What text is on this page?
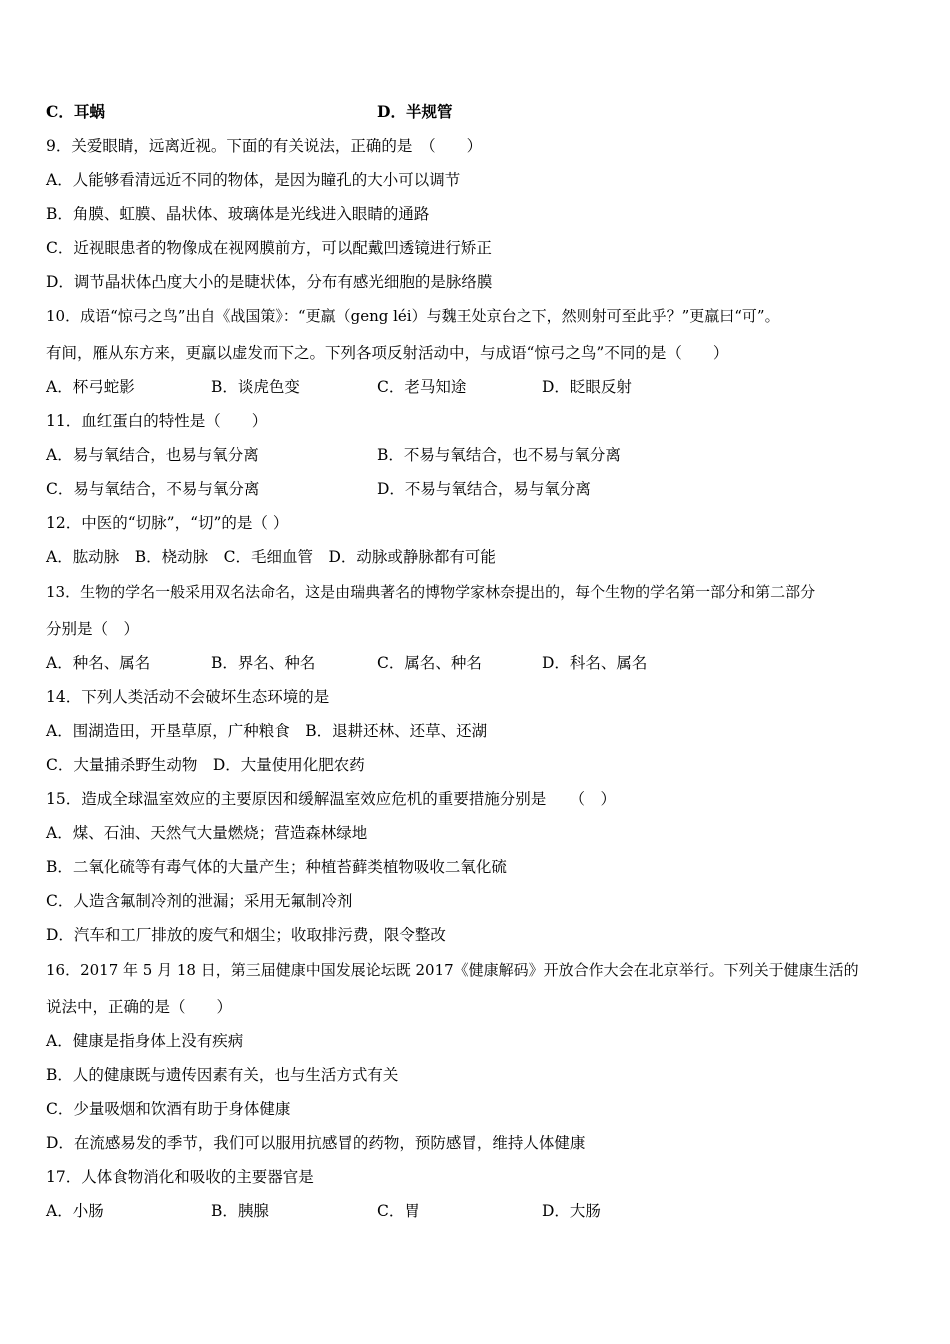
C．耳蜗	D．半规管
9．关爱眼睛，远离近视。下面的有关说法，正确的是　（　　）
A．人能够看清远近不同的物体，是因为瞳孔的大小可以调节
B．角膜、虹膜、晶状体、玻璃体是光线进入眼睛的通路
C．近视眼患者的物像成在视网膜前方，可以配戴凹透镜进行矫正
D．调节晶状体凸度大小的是睫状体，分布有感光细胞的是脉络膜
10．成语“惊弓之鸟”出自《战国策》：“更羸（geng léi）与魏王处京台之下，然则射可至此乎？”更羸曰“可”。
有间，雁从东方来，更羸以虚发而下之。下列各项反射活动中，与成语“惊弓之鸟”不同的是（　　）
A．杯弓蛇影	B．谈虎色变	C．老马知途	D．眨眼反射
11．血红蛋白的特性是（　　）
A．易与氧结合，也易与氧分离	B．不易与氧结合，也不易与氧分离
C．易与氧结合，不易与氧分离	D．不易与氧结合，易与氧分离
12．中医的“切脉”，“切”的是（ ）
A．肱动脉　B．桡动脉　C．毛细血管　D．动脉或静脉都有可能
13．生物的学名一般采用双名法命名，这是由瑞典著名的博物学家林奈提出的，每个生物的学名第一部分和第二部分
分别是（　）
A．种名、属名	B．界名、种名	C．属名、种名	D．科名、属名
14．下列人类活动不会破坏生态环境的是
A．围湖造田，开垦草原，广种粮食　B．退耕还林、还草、还湖
C．大量捕杀野生动物　D．大量使用化肥农药
15．造成全球温室效应的主要原因和缓解温室效应危机的重要措施分别是　　（　）
A．煤、石油、天然气大量燃烧；营造森林绿地
B．二氧化硫等有毒气体的大量产生；种植苔藓类植物吸收二氧化硫
C．人造含氟制冷剂的泄漏；采用无氟制冷剂
D．汽车和工厂排放的废气和烟尘；收取排污费，限令整改
16．2017 年 5 月 18 日，第三届健康中国发展论坛既 2017《健康解码》开放合作大会在北京举行。下列关于健康生活的
说法中，正确的是（　　）
A．健康是指身体上没有疾病
B．人的健康既与遗传因素有关，也与生活方式有关
C．少量吸烟和饮酒有助于身体健康
D．在流感易发的季节，我们可以服用抗感冒的药物，预防感冒，维持人体健康
17．人体食物消化和吸收的主要器官是
A．小肠	B．胰腺	C．胃	D．大肠
